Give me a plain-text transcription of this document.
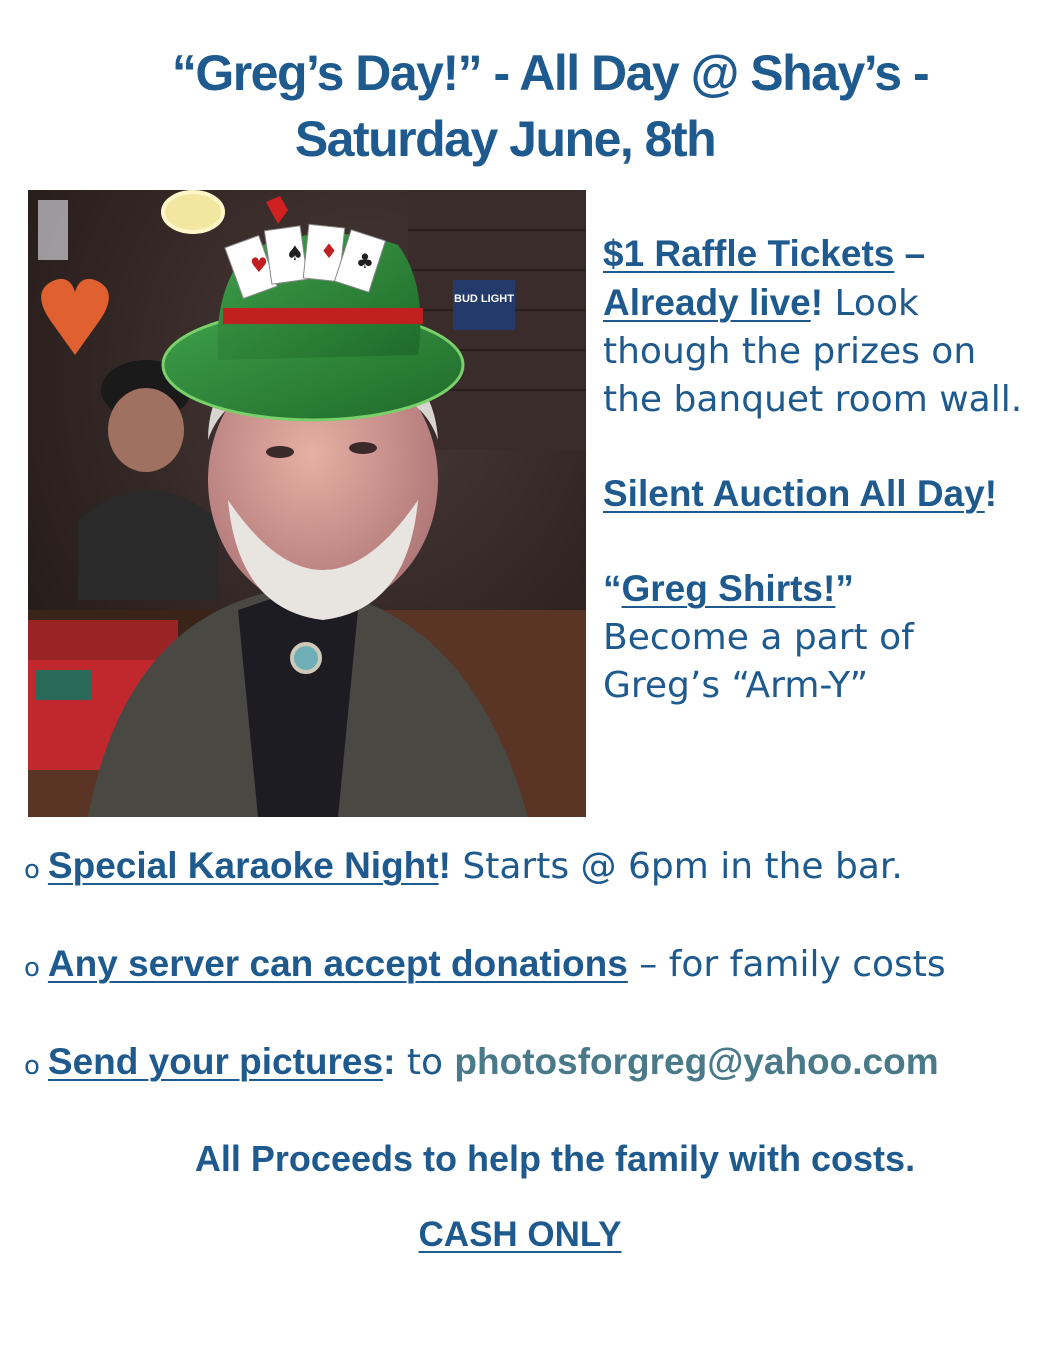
“Greg’s Day!” - All Day @ Shay’s -
Saturday June, 8th
BUD LIGHT
♥ ♠ ♦ ♣	$1 Raffle Tickets – Already live! Look though the prizes on the banquet room wall.

Silent Auction All Day!

“Greg Shirts!”
Become a part of Greg’s “Arm-Y”

o Special Karaoke Night! Starts @ 6pm in the bar.
o Any server can accept donations – for family costs
o Send your pictures: to photosforgreg@yahoo.com
All Proceeds to help the family with costs.
CASH ONLY
